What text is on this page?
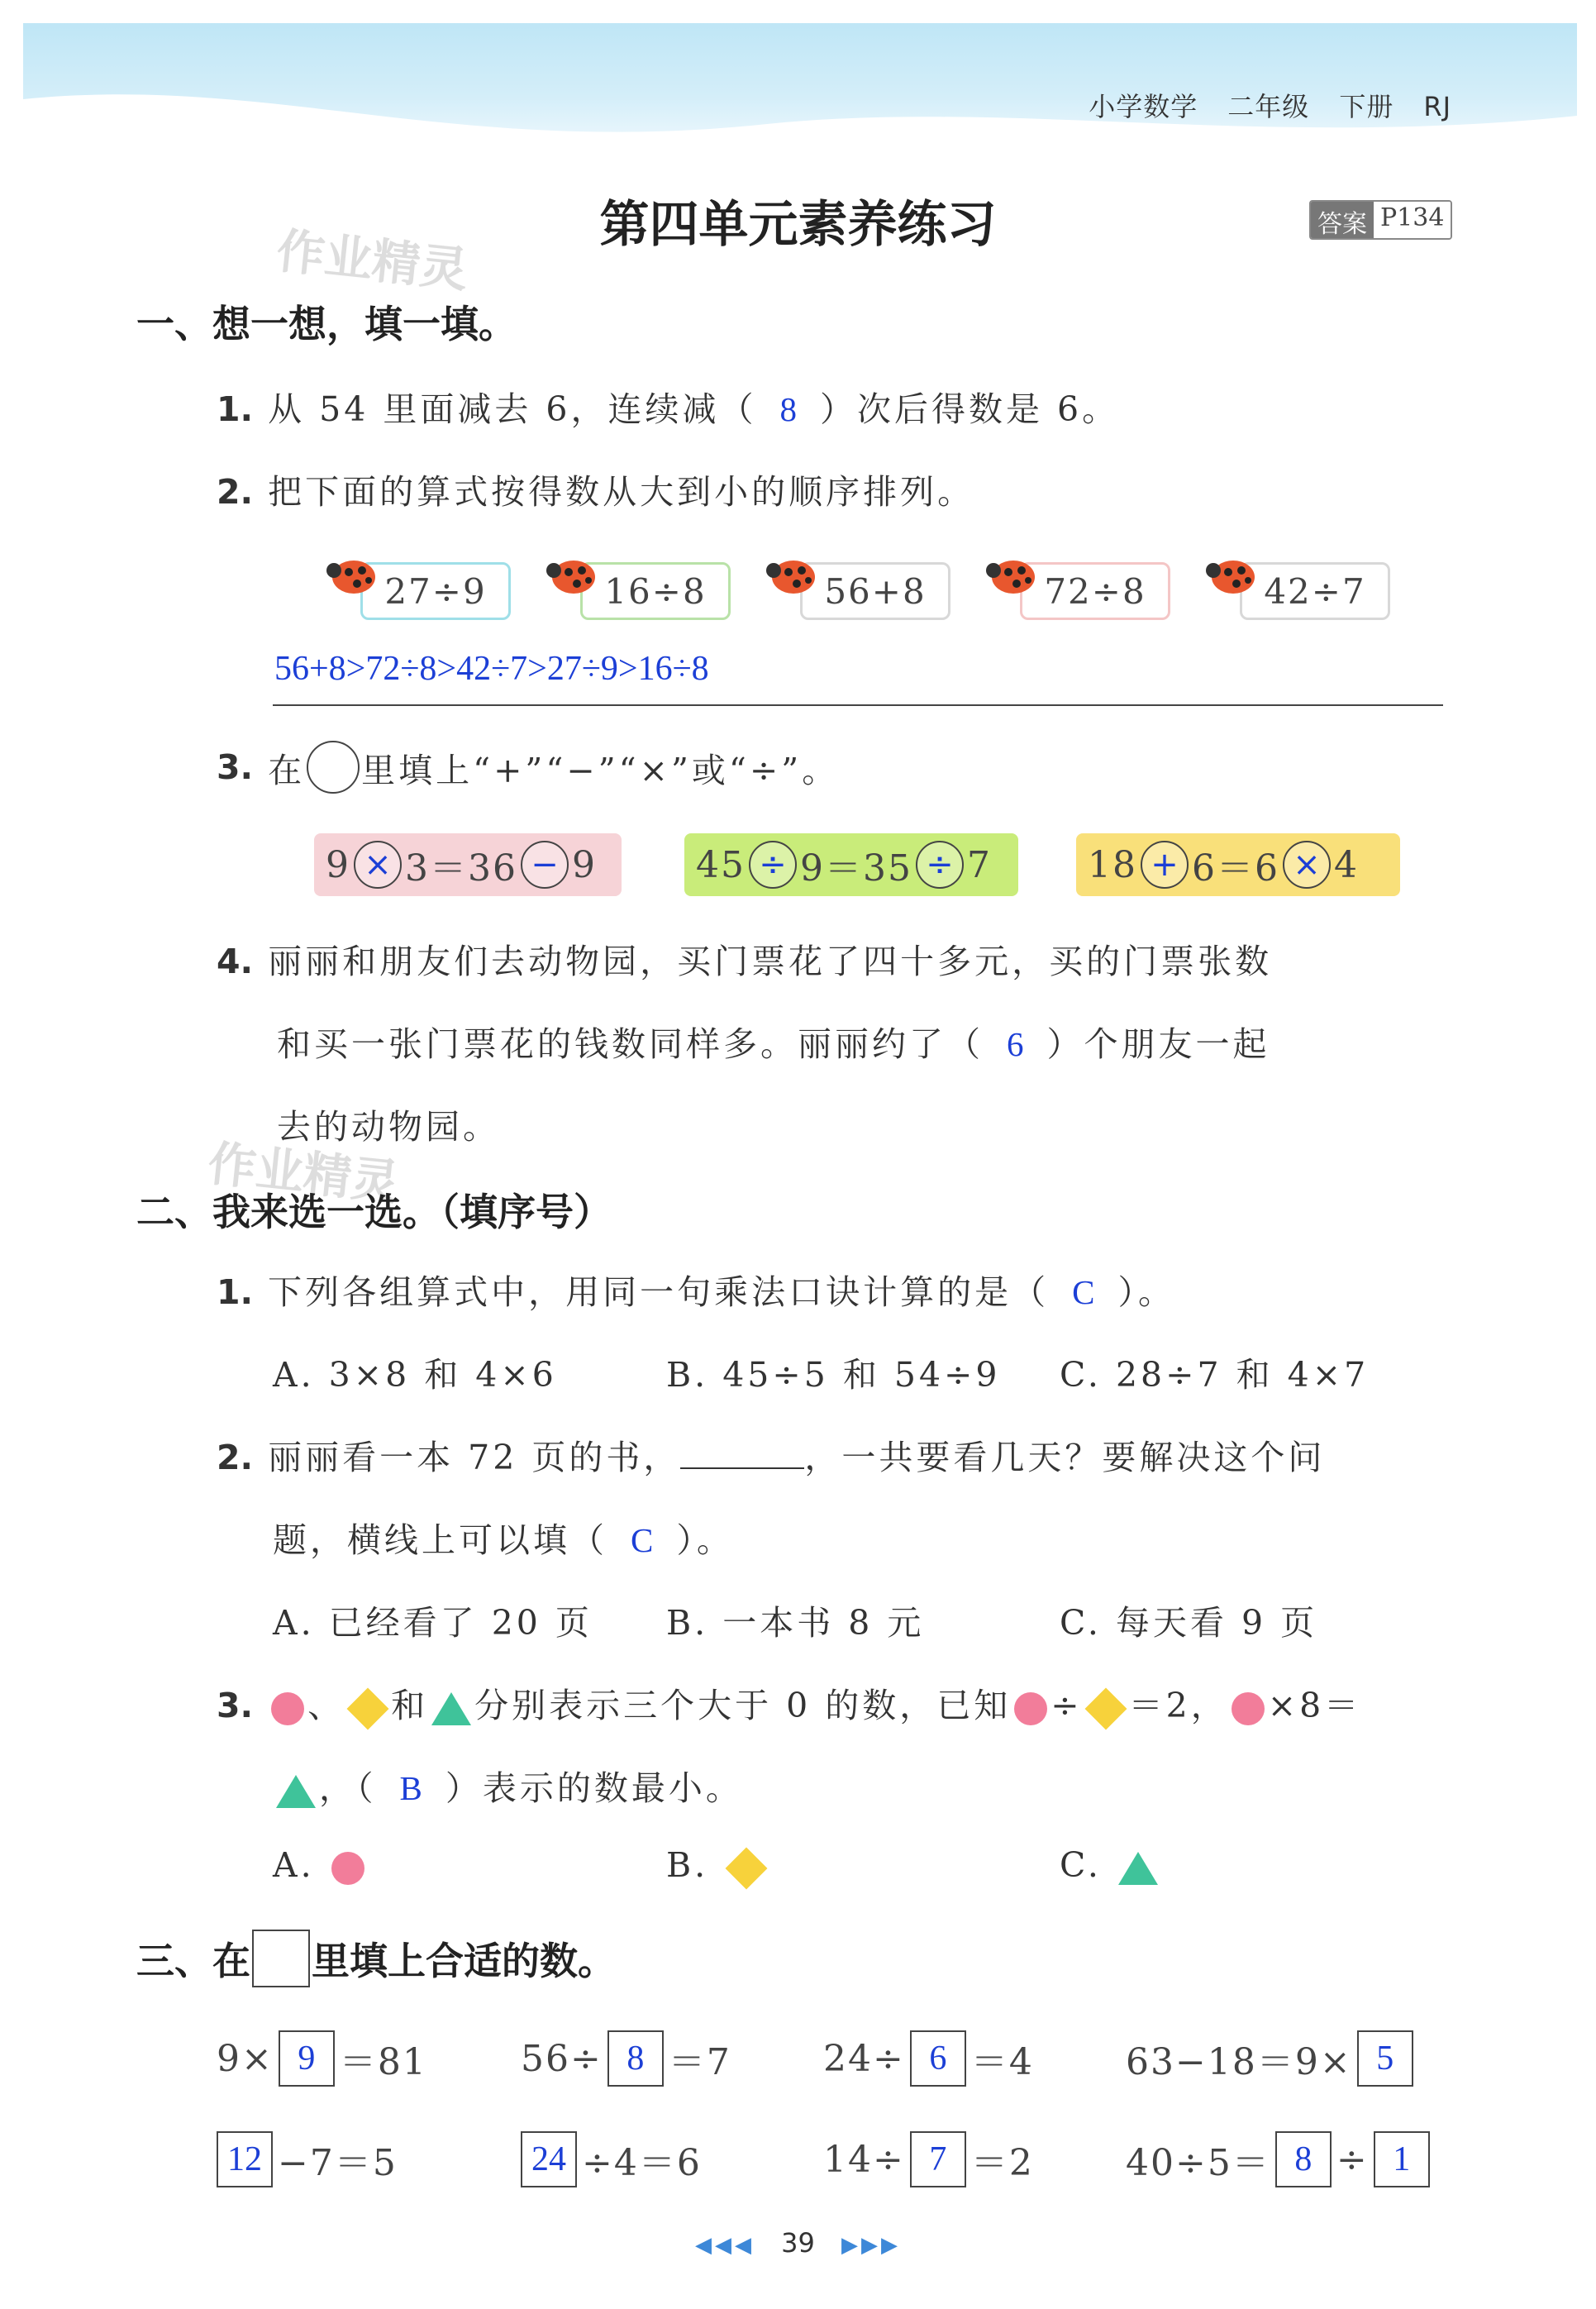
小学数学 二年级 下册 RJ
第四单元素养练习	答案 P134
作业精灵
作业精灵
一、想一想，填一填。
1. 从 54 里面减去 6，连续减（ 8 ）次后得数是 6。
2. 把下面的算式按得数从大到小的顺序排列。
27÷9	16÷8	56+8	72÷8	42÷7
56+8>72÷8>42÷7>27÷9>16÷8
3. 在 里填上“+”“−”“×”或“÷”。
9 × 3＝36 − 9	45 ÷ 9＝35 ÷ 7	18 + 6＝6 × 4
4. 丽丽和朋友们去动物园，买门票花了四十多元，买的门票张数
和买一张门票花的钱数同样多。丽丽约了（ 6 ）个朋友一起
去的动物园。
二、我来选一选。（填序号）
1. 下列各组算式中，用同一句乘法口诀计算的是（ C ）。
A. 3×8 和 4×6	B. 45÷5 和 54÷9 C. 28÷7 和 4×7
2. 丽丽看一本 72 页的书，	，一共要看几天？要解决这个问
题，横线上可以填（ C ）。
A. 已经看了 20 页 B. 一本书 8 元	C. 每天看 9 页
3. 、 和 分别表示三个大于 0 的数，已知 ÷ ＝2， ×8＝
，（ B ）表示的数最小。
A.	B.	C.
三、在 里填上合适的数。
9× 9 ＝81	56÷ 8 ＝7	24÷ 6 ＝4	63−18＝9× 5
12 −7＝5	24 ÷4＝6	14÷ 7 ＝2	40÷5＝ 8 ÷ 1
◀◀◀ 39 ▶▶▶
